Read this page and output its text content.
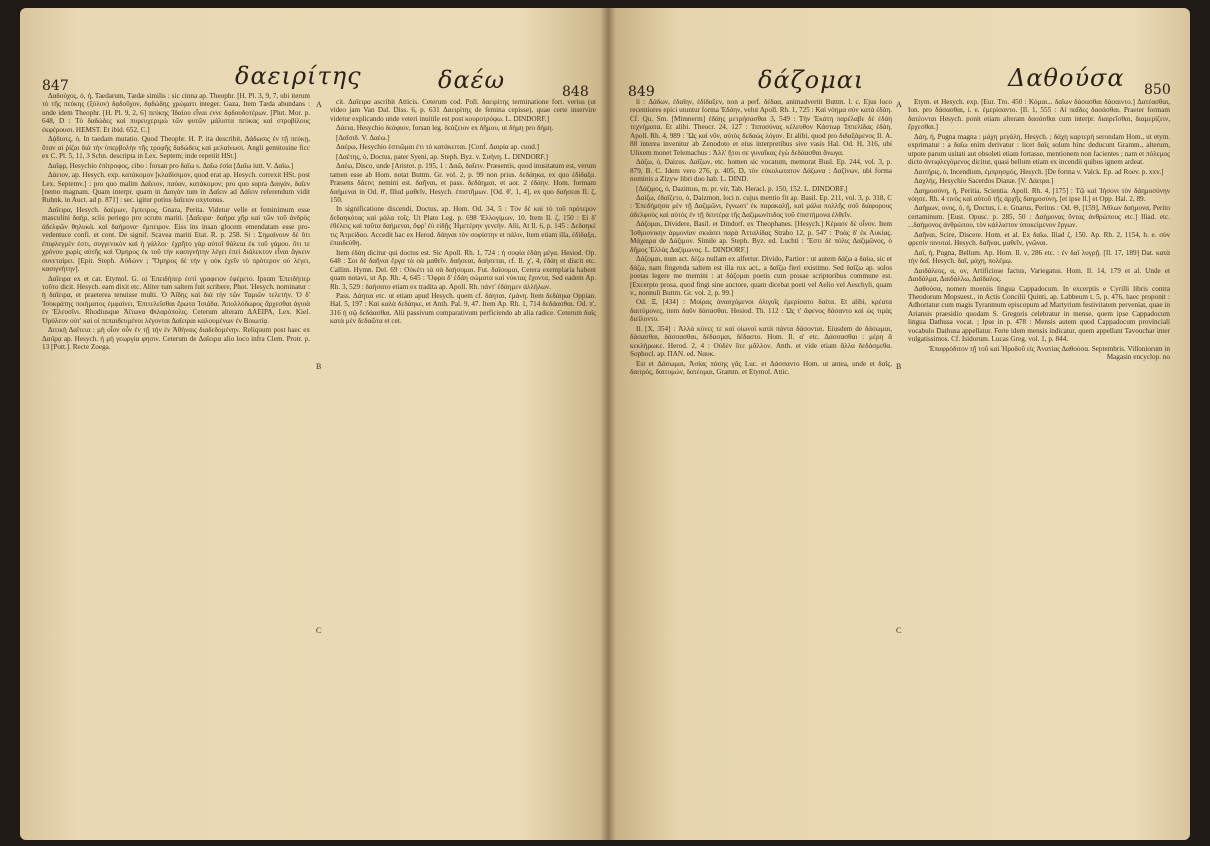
847	δαειρίτης

Δαδούχος, ὁ, ἡ, Taedarum, Tædæ similis : sic cinna ap. Theophr. [H. Pl. 3, 9, 7, ubi iterum τὸ τῆς πεύκης (ξύλον) δᾳδοῦχον, δᾳδώδης χρώματι integer. Gaza, Item Tæda abundans : unde idem Theophr. [H. Pl. 9, 2, 6] πεύκης Ἰδαίου εἶναι εννε δᾳδουδοτέρων. [Plut. Mor. p. 648, D : Τὸ δαδώδες καὶ πυρευχεριμώ τῶν φυτῶν μάλιστα πεύκας καὶ στροβίλους ἐκφέρουσι. HEMST. Et ibid. 652, C.]

Δᾴδιοτς, ὁ, In taedam mutatio. Quod Theophr. H. P. ita describit, Δάδωσις ἐν τῇ πεύκῃ, ὅταν αἱ ῥίζαι διὰ τὴν ὑπερβολὴν τῆς τροφῆς δαδώδεις καὶ μελαίνωσι. Angli gemitosine ficc ex C. Pl. 5, 11, 3 Schn. descripta in Lex. Septem; inde repetiit HSt.]

Δαΐφρ, Hesychio ἐπίτροφος, cibo : forsan pro δαΐω s. Δαΐω ἐσία [Δαΐω iutt. V. Δαΐω.]

Δάειον, ap. Hesych. exp. κατάκομον [κλαδίσιμον, quod erat ap. Hesych. correxit HSt. post Lex. Septemv.] : pro quo malim Δαΐειον, παύαν, κατάκομον; pro quo supra Δαιγάν, δαΐεν [nemo magnam. Quam interpr. quam in Δαιγάν tum in Δαΐειν ad Δάΐειν referendum vidit Ruhnk. in Auct. ad p. 871] : sec. igitur potius δαΐειον oxytonus.

Δαΐειρα, Hesych. δαέμων, ἔμπειρος, Gnara, Perita. Videtur velle et feminimum esse masculini δαήρ, sciis periego pro scrutu mariti. [Δαΐειρα· δαήρα χῆρ καὶ τῶν τοῦ ἀνδρὸς ἀδελφῶν θηλυκὰ. καὶ δαήμονα· ἔμπειρον. Eiss ins insan glocem emendatam esse pro-vedentuce confi. et cont. De signif. Scavea mariti Etat. R. p. 258. Si : Σημαίνουν δὲ ὅτι ἐπιφλεγμὲν ἐστι, συγγενικὸν καὶ ἡ γάλλοι· ἐχρῆτο γὰρ αὐτοῖ θάλεια ἐκ τοῦ γάμου. ὅτι τε χρόνου χωρὶς αὐτῆς καὶ Ὁμηρος ἐκ τοῦ τὴν κασιγνήτην λέγει ἐπεὶ διάλεκτον εἶναι ἄγκειν συνεταίρει. [Epit. Steph. Αὐδώνν ; 'Ὅμηρος δὲ τὴν γ οὐκ ἐχεῖν τὸ πρότερον οὐ λέγει, κασιγνήτην].

Δαΐειρα ex et cat. Etymol. G. oi Ἐπειδήπερ ἐστὶ γραφειον ἐφέρετο. Ipsum Ἐπειδήπερ τοῦτο dicit. Hesych. eam dixit etc. Aliter tum saltem fuit scribere, Phot. 'Hesych. nominatur : ἡ δαΐειρα, et praeterea tenuisse multi. Ὁ Ἀΐδης καὶ διὰ τὴν τῶν Ταμιῶν τελετήν. Ὁ δ' Ἰσοκράτης ποιήματος ἐμφαίνει, Ἐπιτελεῖσθαι ἔρωτα Ἰσιάδα. Ἀπολλόδωρος ἄρχεσθαι ἀγυιὰ ἐν Ἐλευσῖνι. Rhodiusque Ἀΐτωνα Φιλαρόπολις. Ceterum alteram ΔΑΕΙΡΑ, Lex. Kiel. Ὀρύλεον οὐτ' καὶ οἱ πεπαιδευμένοι λέγονται Δαΐειραι καλουμένων ἐν Βοιωτίᾳ.

Διτικὴ Δαΐτεια : μὴ οἷον οὖν ἐν τῇ τὴν ἐν Ἀθήναις διαδεδομένην. Reliquum post haec ex Δαιΐρᾳ ap. Hesych. ἡ μὴ γεωργία φησιν. Ceterum de Δαΐειρα alio loco infra Clem. Protr. p. 13 [Pott.]. Recte Zoega.

δαέω	848
A
B
C

cit. Δαΐειρα ascribit Atticis. Ceterum cod. Poll. δαειρίτης terminatione fort. verius (ut video jam Van Dal. Diss. 6, p. 631 Δαειρίτης de femina cepisse), quae certe inservire videtur explicando unde veteri inuitile est post κουροτρόφω. L. DINDORF.]

Δάεια, Hesychio δεάφιον, forsan leg. δεάζειον ex δῆμου, ut δήμη pro δήμη.

[Δαΐσιδ. V. Δαέω.]

Δαέρω, Hesychio ἑστιῶμαι ἐτι τὸ κατάκειται. [Conf. Δαιρία ap. cuud.]

[Δαέτης, ὁ, Doctus, pater Syeni, ap. Steph. Byz. v. Συήνη. L. DINDORF.]

Δαέω, Disco, unde [Aristot. p. 195, 1 : Δαῶ, δαΐειν. Præsentis, quod inusitatum est, verum tamen esse ab Hom. notat Buttm. Gr. vol. 2, p. 99 non prius. δεδάηκα, ex quo ἐδίδαξα. Præsens δάειν; nemini est. δαῆναι, et pass. δεδάημαι, et aor. 2 ἐδάην. Hom. formam δαήμεναι in Od. θ', Illud μαθεῖν, Hesych. ἐπιστῆμων. [Od. θ', 1, 4], ex quo δαήσεαι Il. ζ, 150.

In significatione discendi, Doctus, ap. Hom. Od. 34, 5 : Τὸν δὲ καὶ τὸ τοῦ πρότερον δεδαηκότας καὶ μάλα τοῖς. Ut Plato Leg. p. 698 Ἐλλογίμων, 10. Item Il. ζ, 150 : Εἰ δ' ἐθέλεις καὶ ταῦτα δαήμεναι, ὄφρ' ἐὺ εἰδῇς Ἡμετέρην γενεήν. Alii, At Il. 6, p. 145 : Δεδαηκέ τις Ἀτρείδαο. Accedit hac ex Herod. δάηναι τὸν σοφίστην et πάλιν, Item etiam illa, ἐδίδαξα, ἐπαιδεύθη.

Item ἐδάη dicitur qui doctus est. Sic Apoll. Rh. 1, 724 : ἡ σοφία ἐδάη μέγα. Hesiod. Op. 648 : Σοι δὲ δαῆναι ἔργα τὰ σὰ μαθεῖν. δαήσεαι, δαήσεται, cf. Il. χ', 4, ἐδάη et discit etc. Callim. Hymn. Del. 69 : Οὐκέτι τὰ σὰ δαήσομαι. Fut. δαΐσομαι, Cetera exemplaria habent quam notavi, ut Ap. Rh. 4, 645 : Ὄφρα δ' ἐδάη σώματα καὶ νύκτας ἔχοντα, Sed eadem Ap. Rh. 3, 529 : δαήσατο etiam ex tradita ap. Apoll. Rh. πάντ' ἐδάημεν ἀλλήλων.

Pass. Δάηται etc. ut etiam apud Hesych. quem cf. δάηται, ἐμάνη. Item δεδάηκα Oppian. Hal. 5, 197 : Καὶ καλὰ δεδάηκε, et Anth. Pal. 9, 47. Item Ap. Rh. 1, 714 δεδάασθαι. Od. π', 316 ἡ σῷ δεδάασθαι. Alii passivum comparativum perficiendo ab alia radice. Ceterum δαΐς κατὰ μὲν δεδαῶτα et cet.

849	δάζομαι	Δαθούσα 850

li : Δάδων, ἐδαΐην, ἐδίδαξεν, non a perf. δέδαα, animadvertit Buttm. l. c. Ejus loco recentiores epici utuntur forma Ἐδάην, velut Apoll. Rh. 1, 725 : Καὶ νόημα σὺν κατὰ ἐδάη. Cf. Qu. Sm. [Mimnerm] ἐδάης μετρήσασθαι 3, 549 : Τὴν Ἐκάτη παρέλαβε δὲ ἐδάη τεχνήματα. Et alibi. Theocr. 24, 127 : Ἱπποσύνας κέλευθον Κάστωρ Ἱππελίδας ἐδάη. Apoll. Rh. 4, 989 : Ὣς καὶ νῦν, αὐτὸς δεδαὼς λόγον. Et alibi, quod pro διδαξάμενος Il. Α. 88 interea invenitur ab Zenodoto et eius interpretibus sive vasis Hal. Od. H, 316, ubi Ulixem monet Telemachus : Ἀλλ' ἤτοι σε γυναῖκας ἐγὼ δεδάασθαι ἄνωγα.

Δάζω, ὁ, Daizus. Δαΐζων, etc. homen sic vocatum, memorat Busl. Ep. 244, vol. 3, p. 879, B. C. Idem vero 276, p. 405, D, τὸν εὐκολωτατον Δάζωνα : Δαζίνων, ubi forma nominis a Zizyw libri duo hab. L. DIND.

[Δάζιμος, ὁ, Dazimus, m. pr. vir, Tab. Heracl. p. 150, 152. L. DINDORF.]

Δαίζω, ἐδαΐζετο, ὁ, Daizmon, loci n. cujus mentio fit ap. Basil. Ep. 211, vol. 3, p. 318, C : Ἐπεδήμησα μὲν τῇ Δαζιμῶνι, ἔγνωστ' ἐκ παρακαλῇ, καὶ μάλα πολλῆς σοῦ διάφορους ἀδελφοὺς καὶ αὐτὸς ἐν τῇ δευτέρᾳ τῆς Δαζιμωνίτιδος τοῦ ἐπιστήμονα ἐλθεῖν.

Δάζομαι, Dividere, Basil. et Dindorf. ex Theophanes. [Hesych.] Κέρασε δὲ οἶνον. Item Ἰσθμιονικην ἀρμονίαν σκιάσει παρὰ Ἀτταλίδας Strabo 12, p. 547 : Ῥοὰς δ' ἐκ Λυκίας. Μάχαιρα de Δάζιμον. Simile ap. Steph. Byz. ed. Luchti : Ἔστι δὲ πόλις Δαζιμῶνος, ὁ δῆμος Ἑλλὰς Δαζίμωνος. L. DINDORF.]

Δάζομαι, num act. δέζω nullam ex alfertur. Divido, Partior : ut autem δάζω a δαίω, sic et δάζω, nam fingenda saltem est illa rux act., a δαΐζω fieri existimo. Sed δαΐζω ap. solos poetas legere me memini : at δάζομαι poetis cum prosae scriptoribus commune est. [Excerpto prosa, quod fingi sine auctore, quam dicebat poeti vel Aelio vel Aeschyli, quam v., nonnuli Buttm. Gr. vol. 2, p. 99.]

Od. Ξ, [434] : Μοίρας ἀνασχόμενοι ὀλιγοῖς ἐμερίσατο δαίτα. Et alibi, κρέατα δαιτύμονες, item δαῦν δάσασθαι. Hesiod. Th. 112 : Ὡς τ' ἄφενος δάσαντο καὶ ὡς τιμὰς διείλοντο.

Il. [Χ, 354] : Ἀλλὰ κύνες τε καὶ οἰωνοὶ κατὰ πάντα δάσονται. Eiusdem de δάσωμαι, δάσασθαι, δάσσασθαι, δέδασμαι, δέδαστο. Hom. Il. α' etc. Δάσσασθαι : μέρη ἃ κεκλήρωκε. Herod. 2, 4 : Οὐδὲν ὅτε μᾶλλον. Anth. et vide etiam ἄλλα δεδάσμεθα. Sophocl. ap. ΠΑΝ. ed. Ναυκ.

Est et Δάσωμαι, Ἀσίας πάσης γᾶς Luc. et Δάσσαντο Hom. ut antea, unde et δαῖς, δαιτρός, δαιτυμών, δατέομαι, Gramm. et Etymol. Attic.

A
B
C

Etym. et Hesych. exp. [Eur. Tro. 450 : Κόμαι... δαΐων δάσασθαι δάσαιντο.] Δατέασθαι, Ion. pro δάσασθαι, i. e. ἐμερίσαντο. [Il. 1, 555 : Αἱ παῖδες δασάσθαι. Praeter formam δατέονται Hesych. ponit etiam alteram δασάσθαι cum interpr. διαιρεῖσθαι, διαμερίζειν, ἔρχεσθαι.]

Δάη, ἡ, Pugna magna : μάχη μεγάλη, Hesych. ; δάχη καρτερή serondam Hom., ut etym. exprimatur : a δαΐω enim derivatur : licet δαΐς solum hinc deducunt Gramm., alterum, utpote parum usitati aut obsoleti etiam fortasse, mentionem non facientes ; nam et πόλεμος dicto ἀντιφλεγόμενος dicitur, quasi bellum etiam ex incendii quibus ignem ardeat.

Δαιτήρις, ὁ, Incendium, ἐμπρησμός, Hesych. [De forma v. Valck. Ep. ad Roev. p. xxv.]

Δαχλής, Hesychio Sacerdos Dianæ. [V. Δάειρα.]

Δαημοσύνη, ἡ, Peritia, Scientia. Apoll. Rh. 4, [175] : Τῷ καὶ Ἰήσονι τὸν δάημοσύνην νόησε. Rh. 4 τινὸς καὶ αὐτοῦ τῆς ἀρχῆς δαημοσύνη, [et ipse ll.] et Opp. Hal. 2, 89.

Δαήμων, ονος, ὁ, ἡ, Doctus, i. e. Gnarus, Peritus : Od. Θ, [159], Ἀθλων δαήμονα, Perito certaminum. [Eust. Opusc. p. 285, 50 : Δαήμονας ὄντας ἀνθρώπους etc.] Iliad. etc. ...δαήμονος ἀνθρώπου, τὸν κάλλιστον ὑποκείμενον ἔργων.

Δαῆναι, Scire, Discere. Hom. et al. Ex δαΐω. Iliad ζ, 150. Ap. Rh. 2, 1154, h. e. σὺν φρεσὶν πινυταὶ. Hesych. δαῆναι, μαθεῖν, γνῶναι.

Δαΐ, ἡ, Pugna, Bellum. Ap. Hom. Il. ν, 286 etc. : ἐν δαΐ λυγρῇ. [Il. 17, 189] Dat. κατὰ τὴν δαΐ. Hesych. δαΐ, μάχη, πολέμῳ.

Δαιδάλεος, α, ον, Artificiose factus, Variegatus. Hom. Il. 14, 179 et al. Unde et Δαιδάλμα, Δαιδάλλω, Δαίδαλος.

Δαθούσα, nomen moeniis lingua Cappadocum. In excerptis e Cyrilli libris contra Theodorum Mopsuest., in Actis Concilii Quinti, ap. Labbeum t. 5, p. 476, haec proponit : Adhortatur cum magis Tyranmum episcopum ad Martyrium festivitatem perveniat, quae in Ariansis praesidio quodam S. Gregoris celebratur in mense, quem ipse Cappadocum lingua Dathusa vocat. ; Ipse in p. 478 : Mensis autem quod Cappadocum provinciali vocabulo Dathusa appellatur. Ferte idem mensis indicatur, quem appellant Tavouchar inter vulgatissimos. Cf. Isidorum. Lucas Greg. vol. 1, p. 844.

Ἐπαφρόδιτον τῇ τοῦ καὶ Ἡροδοῦ εἰς Ἀνατίας Δαθούσα. Septembris. Villoniorum in Magasin encyclop. no
